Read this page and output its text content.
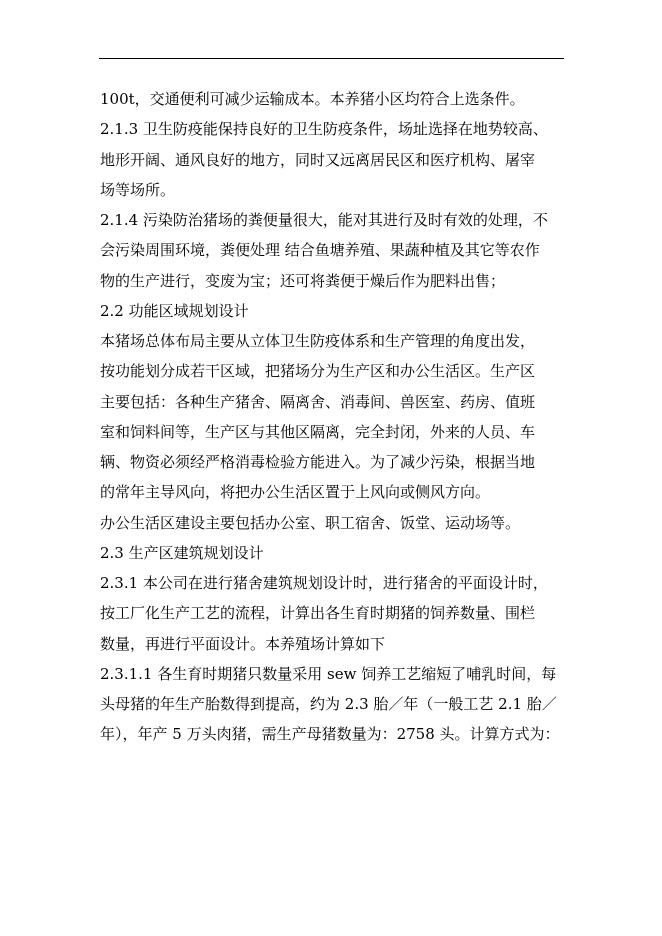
100t，交通便利可减少运输成本。本养猪小区均符合上选条件。
2.1.3 卫生防疫能保持良好的卫生防疫条件，场址选择在地势较高、
地形开阔、通风良好的地方，同时又远离居民区和医疗机构、屠宰
场等场所。
2.1.4 污染防治猪场的粪便量很大，能对其进行及时有效的处理，不
会污染周围环境，粪便处理 结合鱼塘养殖、果蔬种植及其它等农作
物的生产进行，变废为宝；还可将粪便于燥后作为肥料出售；
2.2 功能区域规划设计
本猪场总体布局主要从立体卫生防疫体系和生产管理的角度出发，
按功能划分成若干区域，把猪场分为生产区和办公生活区。生产区
主要包括：各种生产猪舍、隔离舍、消毒间、兽医室、药房、值班
室和饲料间等，生产区与其他区隔离，完全封闭，外来的人员、车
辆、物资必须经严格消毒检验方能进入。为了减少污染，根据当地
的常年主导风向，将把办公生活区置于上风向或侧风方向。
办公生活区建设主要包括办公室、职工宿舍、饭堂、运动场等。
2.3 生产区建筑规划设计
2.3.1 本公司在进行猪舍建筑规划设计时，进行猪舍的平面设计时，
按工厂化生产工艺的流程，计算出各生育时期猪的饲养数量、围栏
数量，再进行平面设计。本养殖场计算如下
2.3.1.1 各生育时期猪只数量采用 sew 饲养工艺缩短了哺乳时间，每
头母猪的年生产胎数得到提高，约为 2.3 胎／年（一般工艺 2.1 胎／
年），年产 5 万头肉猪，需生产母猪数量为：2758 头。计算方式为：
